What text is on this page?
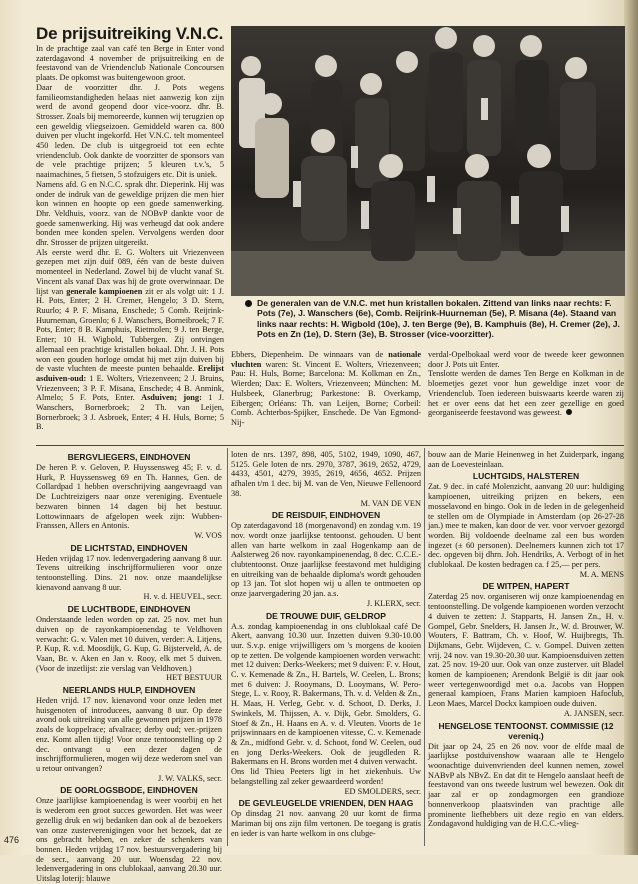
De prijsuitreiking V.N.C.

In de prachtige zaal van café ten Berge in Enter vond zaterdagavond 4 november de prijsuitreiking en de feestavond van de Vriendenclub Nationale Concoursen plaats. De opkomst was buitengewoon groot.

Daar de voorzitter dhr. J. Pots wegens familieomstandigheden helaas niet aanwezig kon zijn werd de avond geopend door vice-voorz. dhr. B. Strosser. Zoals bij memoreerde, kunnen wij terugzien op een geweldig vliegseizoen. Gemiddeld waren ca. 800 duiven per vlucht ingekorfd. Het V.N.C. telt momenteel 450 leden. De club is uitgegroeid tot een echte vriendenclub. Ook dankte de voorzitter de sponsors van de vele prachtige prijzen; 5 kleuren t.v.'s, 5 naaimachines, 5 fietsen, 5 stofzuigers etc. Dit is uniek.

Namens afd. G en N.C.C. sprak dhr. Dieperink. Hij was onder de indruk van de geweldige prijzen die men hier kon winnen en hoopte op een goede samenwerking. Dhr. Veldhuis, voorz. van de NOBvP dankte voor de goede samenwerking. Hij was verheugd dat ook andere bonden mee konden spelen. Vervolgens werden door dhr. Strosser de prijzen uitgereikt.

Als eerste werd dhr. E. G. Wolters uit Vriezenveen gezepen met zijn duif 089, één van de beste duiven momenteel in Nederland. Zowel bij de vlucht vanaf St. Vincent als vanaf Dax was hij de grote overwinnaar. De lijst van generale kampioenen zit er als volgt uit: 1 J. H. Pots, Enter; 2 H. Cremer, Hengelo; 3 D. Stern, Ruurlo; 4 P. F. Misana, Enschede; 5 Comb. Reijrink-Huurneman, Groenlo; 6 J. Wanschers, Borneibroek; 7 F. Pots, Enter; 8 B. Kamphuis, Rietmolen; 9 J. ten Berge, Enter; 10 H. Wigbold, Tubbergen. Zij ontvingen allemaal een prachtige kristallen bokaal. Dhr. J. H. Pots won een gouden horloge omdat hij met zijn duiven bij de vaste vluchten de meeste punten behaalde. Erelijst asduiven-oud: 1 E. Wolters, Vriezenveen; 2 J. Bruins, Vriezenveen; 3 P. F. Misana, Enschede; 4 B. Anmink, Almelo; 5 F. Pots, Enter. Asduiven; jong: 1 J. Wanschers, Bornerbroek; 2 Th. van Leijen, Bornerbroek; 3 J. Asbroek, Enter; 4 H. Huls, Borne; 5 B.

De generalen van de V.N.C. met hun kristallen bokalen. Zittend van links naar rechts: F. Pots (7e), J. Wanschers (6e), Comb. Reijrink-Huurneman (5e), P. Misana (4e). Staand van links naar rechts: H. Wigbold (10e), J. ten Berge (9e), B. Kamphuis (8e), H. Cremer (2e), J. Pots en Zn (1e), D. Stern (3e), B. Strosser (vice-voorzitter).

Ebbers, Diepenheim. De winnaars van de nationale vluchten waren: St. Vincent E. Wolters, Vriezenveen; Pau: H. Huls, Borne; Barcelona: M. Kolkman en Zn., Wierden; Dax: E. Wolters, Vriezenveen; München: M. Hulsbeek, Glanerbrug; Parkestone: B. Overkamp, Eibergen; Orléans: Th. van Leijen, Borne; Corbeil: Comb. Achterbos-Spijker, Enschede. De Van Egmond-Nij-

verdal-Opelbokaal werd voor de tweede keer gewonnen door J. Pots uit Enter.

Tenslotte werden de dames Ten Berge en Kolkman in de bloemetjes gezet voor hun geweldige inzet voor de Vriendenclub. Toen iedereen buiswaarts keerde waren zij het er over eens dat het een zeer gezellige en goed georganiseerde feestavond was geweest.

BERGVLIEGERS, EINDHOVEN

De heren P. v. Geloven, P. Huyssensweg 45; F. v. d. Hurk, P. Huyssensweg 69 en Th. Hannes, Gen. de Collardpad 1 hebben overschrijving aangevraagd van De Luchtreizigers naar onze vereniging. Eventuele bezwaren binnen 14 dagen bij het bestuur. Lottowinnaars de afgelopen week zijn: Wubben-Franssen, Allers en Antonis.

W. VOS
DE LICHTSTAD, EINDHOVEN

Heden vrijdag 17 nov. ledenvergadering aanvang 8 uur. Tevens uitreiking inschrijfformulieren voor onze tentoonstelling. Dins. 21 nov. onze maandelijkse kienavond aanvang 8 uur.

H. v. d. HEUVEL, secr.
DE LUCHTBODE, EINDHOVEN

Onderstaande leden worden op zat. 25 nov. met hun duiven op de rayonkampioenendag te Veldhoven verwacht: G. v. Valen met 10 duiven, verder: A. Litjens, P. Kup, R. v.d. Moosdijk, G. Kup, G. Bijsterveld, A. de Vaan, Br. v. Aken en Jan v. Rooy, elk met 5 duiven. (Voor de inzetlijst: zie verslag van Veldhoven.)

HET BESTUUR
NEERLANDS HULP, EINDHOVEN

Heden vrijd. 17 nov. kienavond voor onze leden met huisgenoten of introducees, aanvang 8 uur. Op deze avond ook uitreiking van alle gewonnen prijzen in 1978 zoals de koppelrace; afvalrace; derby oud; ver.-prijzen enz. Komt allen tijdig! Voor onze tentoonstelling op 2 dec. ontvangt u een dezer dagen de inschrijfformulieren, mogen wij deze wederom snel van u retour ontvangen?

J. W. VALKS, secr.
DE OORLOGSBODE, EINDHOVEN

Onze jaarlijkse kampioenendag is weer voorbij en het is wederom een groot succes geworden. Het was weer gezellig druk en wij bedanken dan ook al de bezoekers van onze zusterverenigingen voor het bezoek, dat ze ons gebracht hebben, en zeker de schenkers van bonnen. Heden vrijdag 17 nov. bestuursvergadering bij de secr., aanvang 20 uur. Woensdag 22 nov. ledenvergadering in ons clublokaal, aanvang 20.30 uur. Uitslag loterij: blauwe

loten de nrs. 1397, 898, 405, 5102, 1949, 1090, 467, 5125. Gele loten de nrs. 2970, 3787, 3619, 2652, 4729, 4433, 4501, 4279, 3935, 2619, 4656, 4652. Prijzen afhalen t/m 1 dec. bij M. van de Ven, Nieuwe Fellenoord 38.

M. VAN DE VEN
DE REISDUIF, EINDHOVEN

Op zaterdagavond 18 (morgenavond) en zondag v.m. 19 nov. wordt onze jaarlijkse tentoonst. gehouden. U bent allen van harte welkom in zaal Hogenkamp aan de Aalsterweg 26 nov. rayonkampioenendag, 8 dec. C.C.E.-clubtentoonst. Onze jaarlijkse feestavond met huldiging en uitreiking van de behaalde diploma's wordt gehouden op 13 jan. Tot slot hopen wij u allen te ontmoeten op onze jaarvergadering 20 jan. a.s.

J. KLERX, secr.
DE TROUWE DUIF, GELDROP

A.s. zondag kampioenendag in ons clublokaal café De Akert, aanvang 10.30 uur. Inzetten duiven 9.30-10.00 uur. S.v.p. enige vrijwilligers om 's morgens de kooien op te zetten. De volgende kampioenen worden verwacht: met 12 duiven: Derks-Weekers; met 9 duiven: F. v. Hout, C. v. Kemenade & Zn., H. Bartels, W. Ceelen, L. Brons; met 6 duiven: J. Rooymans, D. Looymans, W. Pero-Stege, L. v. Rooy, R. Bakermans, Th. v. d. Velden & Zn., H. Maas, H. Verleg, Gebr. v. d. Schoot, D. Derks, J. Swinkels, M. Thijssen, A. v. Dijk, Gebr. Smolders, G. Stoef & Zn., H. Haans en A. v. d. Vleuten. Voorts de 1e prijswinnaars en de kampioenen vitesse, C. v. Kemenade & Zn., midfond Gebr. v. d. Schoot, fond W. Ceelen, oud en jong Derks-Weekers. Ook de jeugdleden R. Bakermans en H. Brons worden met 4 duiven verwacht.

Ons lid Thieu Peeters ligt in het ziekenhuis. Uw belangstelling zal zeker gewaardeerd worden!

ED SMOLDERS, secr.
DE GEVLEUGELDE VRIENDEN, DEN HAAG

Op dinsdag 21 nov. aanvang 20 uur komt de firma Mariman bij ons zijn film vertonen. De toegang is gratis en ieder is van harte welkom in ons clubge-

bouw aan de Marie Heinenweg in het Zuiderpark, ingang aan de Loevesteinlaan.

LUCHTGIDS, HALSTEREN

Zat. 9 dec. in café Molenzicht, aanvang 20 uur: huldiging kampioenen, uitreiking prijzen en bekers, een mosselavond en bingo. Ook in de leden in de gelegenheid te stellen om de Olympiade in Amsterdam (op 26-27-28 jan.) mee te maken, kan door de ver. voor vervoer gezorgd worden. Bij voldoende deelname zal een bus worden ingezet (± 60 personen). Deelnemers kunnen zich tot 17 dec. opgeven bij dhrn. Joh. Hendriks, A. Verbogt of in het clublokaal. De kosten bedragen ca. f 25,— per pers.

M. A. MENS
DE WITPEN, HAPERT

Zaterdag 25 nov. organiseren wij onze kampioenendag en tentoonstelling. De volgende kampioenen worden verzocht 4 duiven te zetten: J. Stapparts, H. Jansen Zn., H. v. Gompel, Gebr. Snelders, H. Jansen Jr., W. d. Brouwer, W. Wouters, F. Battram, Ch. v. Hoof, W. Huijbregts, Th. Dijkmans, Gebr. Wijdeven, C. v. Gompel. Duiven zetten vrij. 24 nov. van 19.30-20.30 uur. Kampioensduiven zetten zat. 25 nov. 19-20 uur. Ook van onze zusterver. uit Bladel komen de kampioenen; Arendonk België is dit jaar ook weer vertegenwoordigd met o.a. Jacobs van Hoppen generaal kampioen, Frans Marien kampioen Hafoclub, Leon Maes, Marcel Dockx kampioen oude duiven.

A. JANSEN, secr.
HENGELOSE TENTOONST. COMMISSIE (12 vereniq.)

Dit jaar op 24, 25 en 26 nov. voor de elfde maal de jaarlijkse postduivenshow waaraan alle te Hengelo woonachtige duivenvrienden deel kunnen nemen, zowel NABvP als NBvZ. En dat dit te Hengelo aanslaat heeft de feestavond van ons tweede lustrum wel bewezen. Ook dit jaar zal er op zondagmorgen een grandioze bonnenverkoop plaatsvinden van prachtige alle prominente liefhebbers uit deze regio en van elders. Zondagavond huldiging van de H.C.C.-vlieg-

476
